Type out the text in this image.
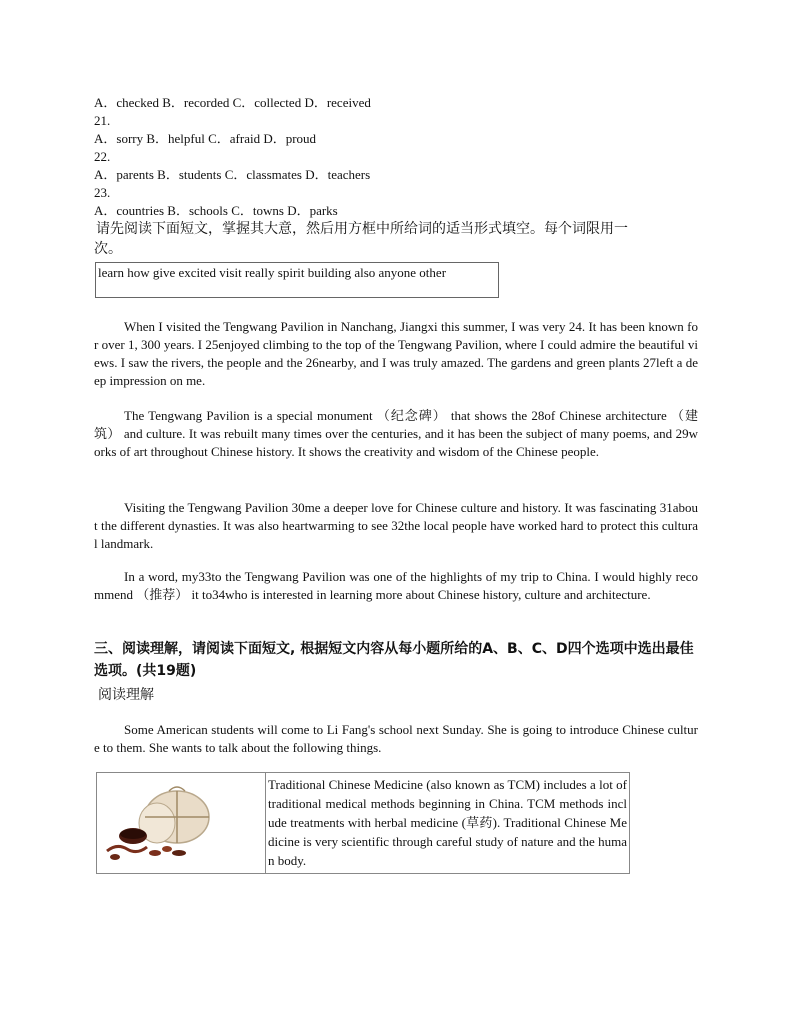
A．checked B．recorded C．collected D．received
21.
A．sorry B．helpful C．afraid D．proud
22.
A．parents B．students C．classmates D．teachers
23.
A．countries B．schools C．towns D．parks
请先阅读下面短文，掌握其大意，然后用方框中所给词的适当形式填空。每个词限用一
次。
learn how give excited visit really spirit building also anyone other

When I visited the Tengwang Pavilion in Nanchang, Jiangxi this summer, I was very 24. It has been known for over 1, 300 years. I 25enjoyed climbing to the top of the Tengwang Pavilion, where I could admire the beautiful views. I saw the rivers, the people and the 26nearby, and I was truly amazed. The gardens and green plants 27left a deep impression on me.

The Tengwang Pavilion is a special monument （纪念碑） that shows the 28of Chinese architecture （建筑） and culture. It was rebuilt many times over the centuries, and it has been the subject of many poems, and 29works of art throughout Chinese history. It shows the creativity and wisdom of the Chinese people.

Visiting the Tengwang Pavilion 30me a deeper love for Chinese culture and history. It was fascinating 31about the different dynasties. It was also heartwarming to see 32the local people have worked hard to protect this cultural landmark.

In a word, my33to the Tengwang Pavilion was one of the highlights of my trip to China. I would highly recommend （推荐） it to34who is interested in learning more about Chinese history, culture and architecture.

三、阅读理解，请阅读下面短文, 根据短文内容从每小题所给的A、B、C、D四个选项中选出最佳选项。(共19题)
阅读理解

Some American students will come to Li Fang's school next Sunday. She is going to introduce Chinese culture to them. She wants to talk about the following things.

	Traditional Chinese Medicine (also known as TCM) includes a lot of traditional medical methods beginning in China. TCM methods include treatments with herbal medicine (草药). Traditional Chinese Medicine is very scientific through careful study of nature and the human body.
